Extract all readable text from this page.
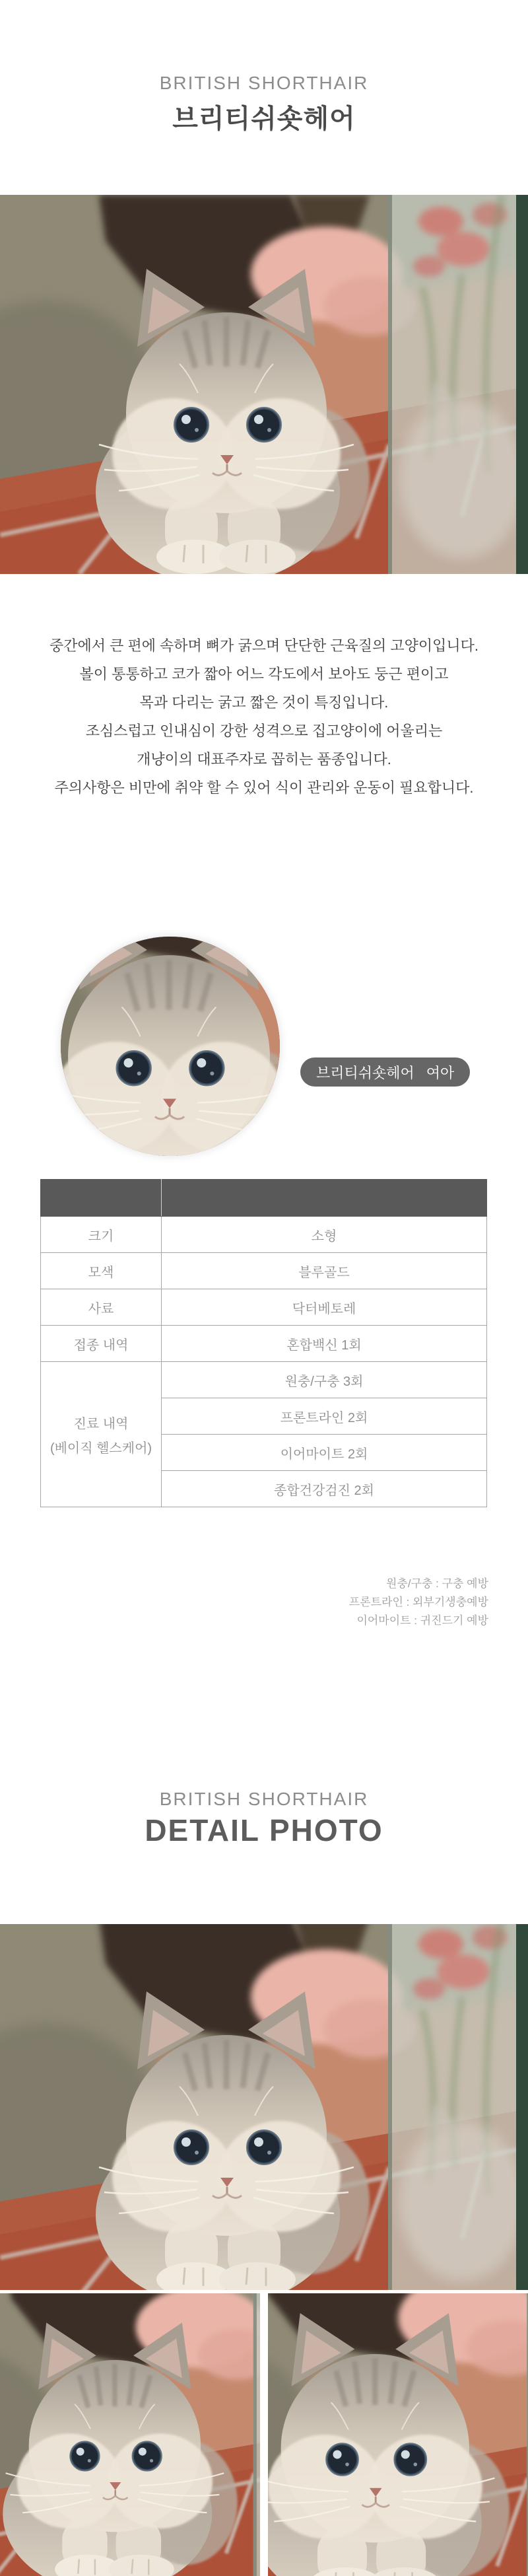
BRITISH SHORTHAIR
브리티쉬숏헤어

중간에서 큰 편에 속하며 뼈가 굵으며 단단한 근육질의 고양이입니다.

볼이 통통하고 코가 짧아 어느 각도에서 보아도 둥근 편이고

목과 다리는 굵고 짧은 것이 특징입니다.

조심스럽고 인내심이 강한 성격으로 집고양이에 어울리는

개냥이의 대표주자로 꼽히는 품종입니다.

주의사항은 비만에 취약 할 수 있어 식이 관리와 운동이 필요합니다.

브리티쉬숏헤어 여아

크기	소형
모색	블루골드
사료	닥터베토레
접종 내역	혼합백신 1회

진료 내역
(베이직 헬스케어)	원충/구충 3회
	프론트라인 2회
	이어마이트 2회
	종합건강검진 2회

원충/구충 : 구충 예방

프론트라인 : 외부기생충예방

이어마이트 : 귀진드기 예방

BRITISH SHORTHAIR
DETAIL PHOTO
